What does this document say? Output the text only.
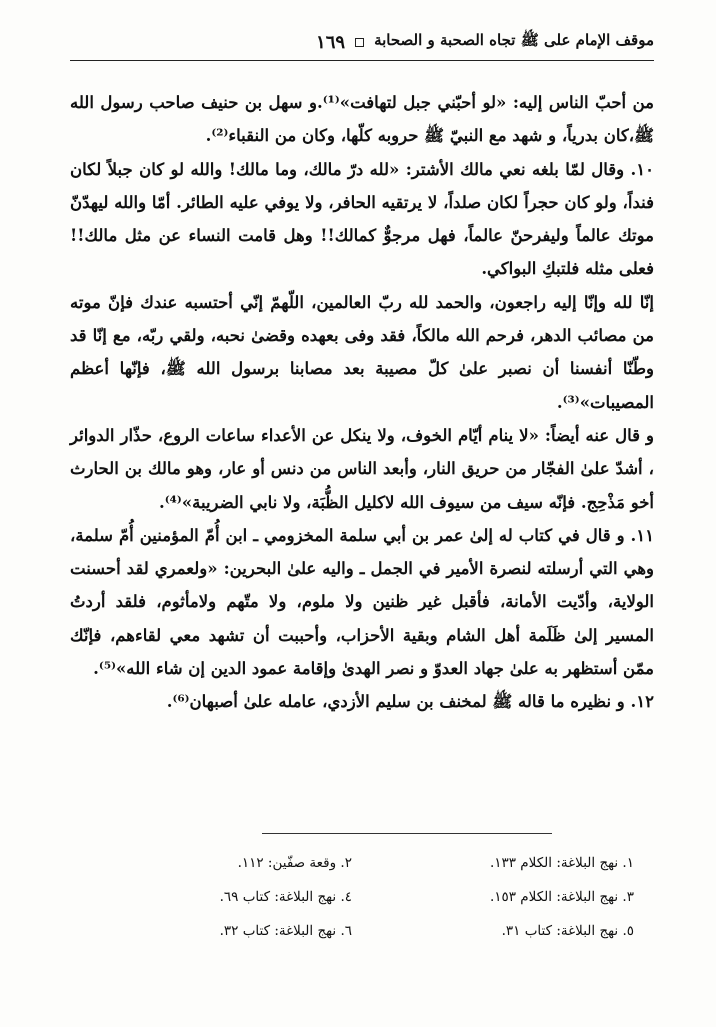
موقف الإمام علی ﷺ تجاه الصحبة و الصحابة
١٦٩

من أحبّ الناس إليه: «لو أحبّني جبل لتهافت»⁽¹⁾.و سهل بن حنيف صاحب رسول الله ﷺ،كان بدرياً، و شهد مع النبيّ ﷺ حروبه كلّها، وكان من النقباء⁽²⁾.

١٠. وقال لمّا بلغه نعي مالك الأشتر: «لله درّ مالك، وما مالك! والله لو كان جبلاً لكان فنداً، ولو كان حجراً لكان صلداً، لا يرتقيه الحافر، ولا يوفي عليه الطائر. أمّا والله ليهدّنّ موتك عالماً وليفرحنّ عالماً، فهل مرجوٌّ كمالك!! وهل قامت النساء عن مثل مالك!! فعلى مثله فلتبكِ البواكي.

إنّا لله وإنّا إليه راجعون، والحمد لله ربّ العالمين، اللّهمّ إنّي أحتسبه عندك فإنّ موته من مصائب الدهر، فرحم الله مالكاً، فقد وفى بعهده وقضىٰ نحبه، ولقي ربّه، مع إنّا قد وطّنّا أنفسنا أن نصبر علىٰ كلّ مصيبة بعد مصابنا برسول الله ﷺ، فإنّها أعظم المصيبات»⁽³⁾.

و قال عنه أيضاً: «لا ينام أيّام الخوف، ولا ينكل عن الأعداء ساعات الروع، حذّار الدوائر ، أشدّ علىٰ الفجّار من حريق النار، وأبعد الناس من دنس أو عار، وهو مالك بن الحارث أخو مَذْحِج. فإنّه سيف من سيوف الله لاكليل الظُّبَة، ولا نابي الضريبة»⁽⁴⁾.

١١. و قال في كتاب له إلىٰ عمر بن أبي سلمة المخزومي ـ ابن أُمّ المؤمنين أُمّ سلمة، وهي التي أرسلته لنصرة الأمير في الجمل ـ واليه علىٰ البحرين: «ولعمري لقد أحسنت الولاية، وأدّيت الأمانة، فأقبل غير ظنين ولا ملوم، ولا متّهم ولامأثوم، فلقد أردتُ المسير إلىٰ ظَلَمة أهل الشام وبقية الأحزاب، وأحببت أن تشهد معي لقاءهم، فإنّك ممّن أستظهر به علىٰ جهاد العدوّ و نصر الهدىٰ وإقامة عمود الدين إن شاء الله»⁽⁵⁾.

١٢. و نظيره ما قاله ﷺ لمخنف بن سليم الأزدي، عامله علىٰ أصبهان⁽⁶⁾.

١. نهج البلاغة: الكلام ١٣٣.
٢. وقعة صفّين: ١١٢.
٣. نهج البلاغة: الكلام ١٥٣.
٤. نهج البلاغة: كتاب ٦٩.
٥. نهج البلاغة: كتاب ٣١.
٦. نهج البلاغة: كتاب ٣٢.
